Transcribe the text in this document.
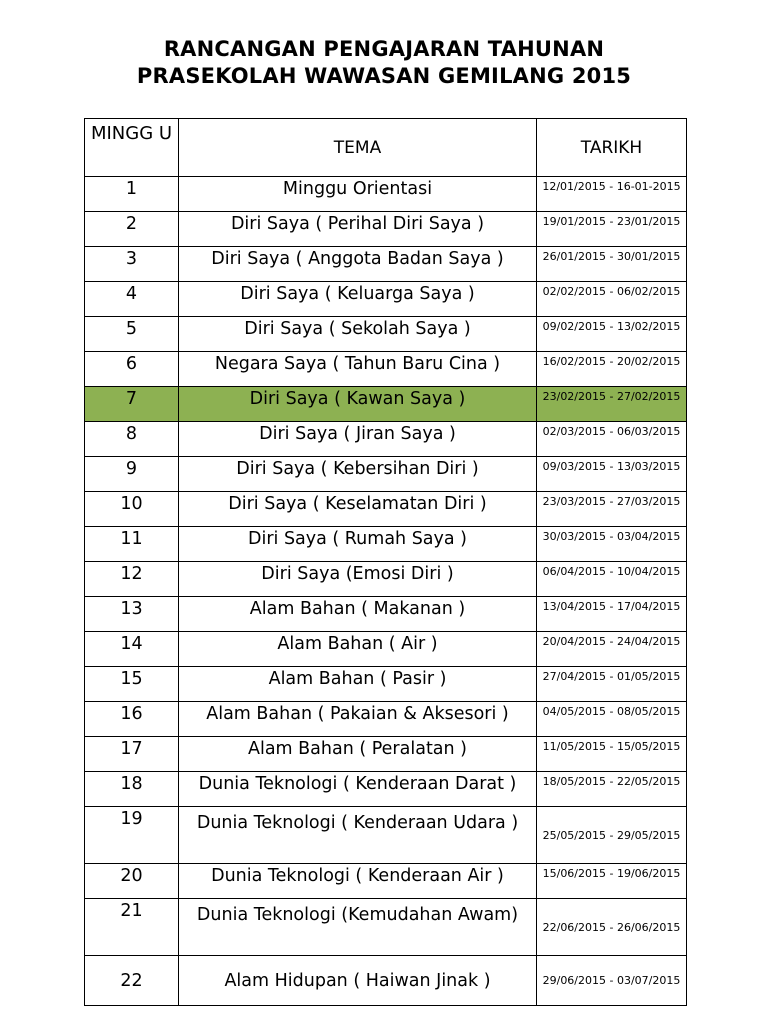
RANCANGAN PENGAJARAN TAHUNAN
PRASEKOLAH WAWASAN GEMILANG 2015
MINGG U	TEMA	TARIKH
1	Minggu Orientasi	12/01/2015 - 16-01-2015
2	Diri Saya ( Perihal Diri Saya )	19/01/2015 - 23/01/2015
3	Diri Saya ( Anggota Badan Saya )	26/01/2015 - 30/01/2015
4	Diri Saya ( Keluarga Saya )	02/02/2015 - 06/02/2015
5	Diri Saya ( Sekolah Saya )	09/02/2015 - 13/02/2015
6	Negara Saya ( Tahun Baru Cina )	16/02/2015 - 20/02/2015
7	Diri Saya ( Kawan Saya )	23/02/2015 - 27/02/2015
8	Diri Saya ( Jiran Saya )	02/03/2015 - 06/03/2015
9	Diri Saya ( Kebersihan Diri )	09/03/2015 - 13/03/2015
10	Diri Saya ( Keselamatan Diri )	23/03/2015 - 27/03/2015
11	Diri Saya ( Rumah Saya )	30/03/2015 - 03/04/2015
12	Diri Saya (Emosi Diri )	06/04/2015 - 10/04/2015
13	Alam Bahan ( Makanan )	13/04/2015 - 17/04/2015
14	Alam Bahan ( Air )	20/04/2015 - 24/04/2015
15	Alam Bahan ( Pasir )	27/04/2015 - 01/05/2015
16	Alam Bahan ( Pakaian & Aksesori )	04/05/2015 - 08/05/2015
17	Alam Bahan ( Peralatan )	11/05/2015 - 15/05/2015
18	Dunia Teknologi ( Kenderaan Darat )	18/05/2015 - 22/05/2015
19	Dunia Teknologi ( Kenderaan Udara )	25/05/2015 - 29/05/2015
20	Dunia Teknologi ( Kenderaan Air )	15/06/2015 - 19/06/2015
21	Dunia Teknologi (Kemudahan Awam)	22/06/2015 - 26/06/2015
22	Alam Hidupan ( Haiwan Jinak )	29/06/2015 - 03/07/2015
